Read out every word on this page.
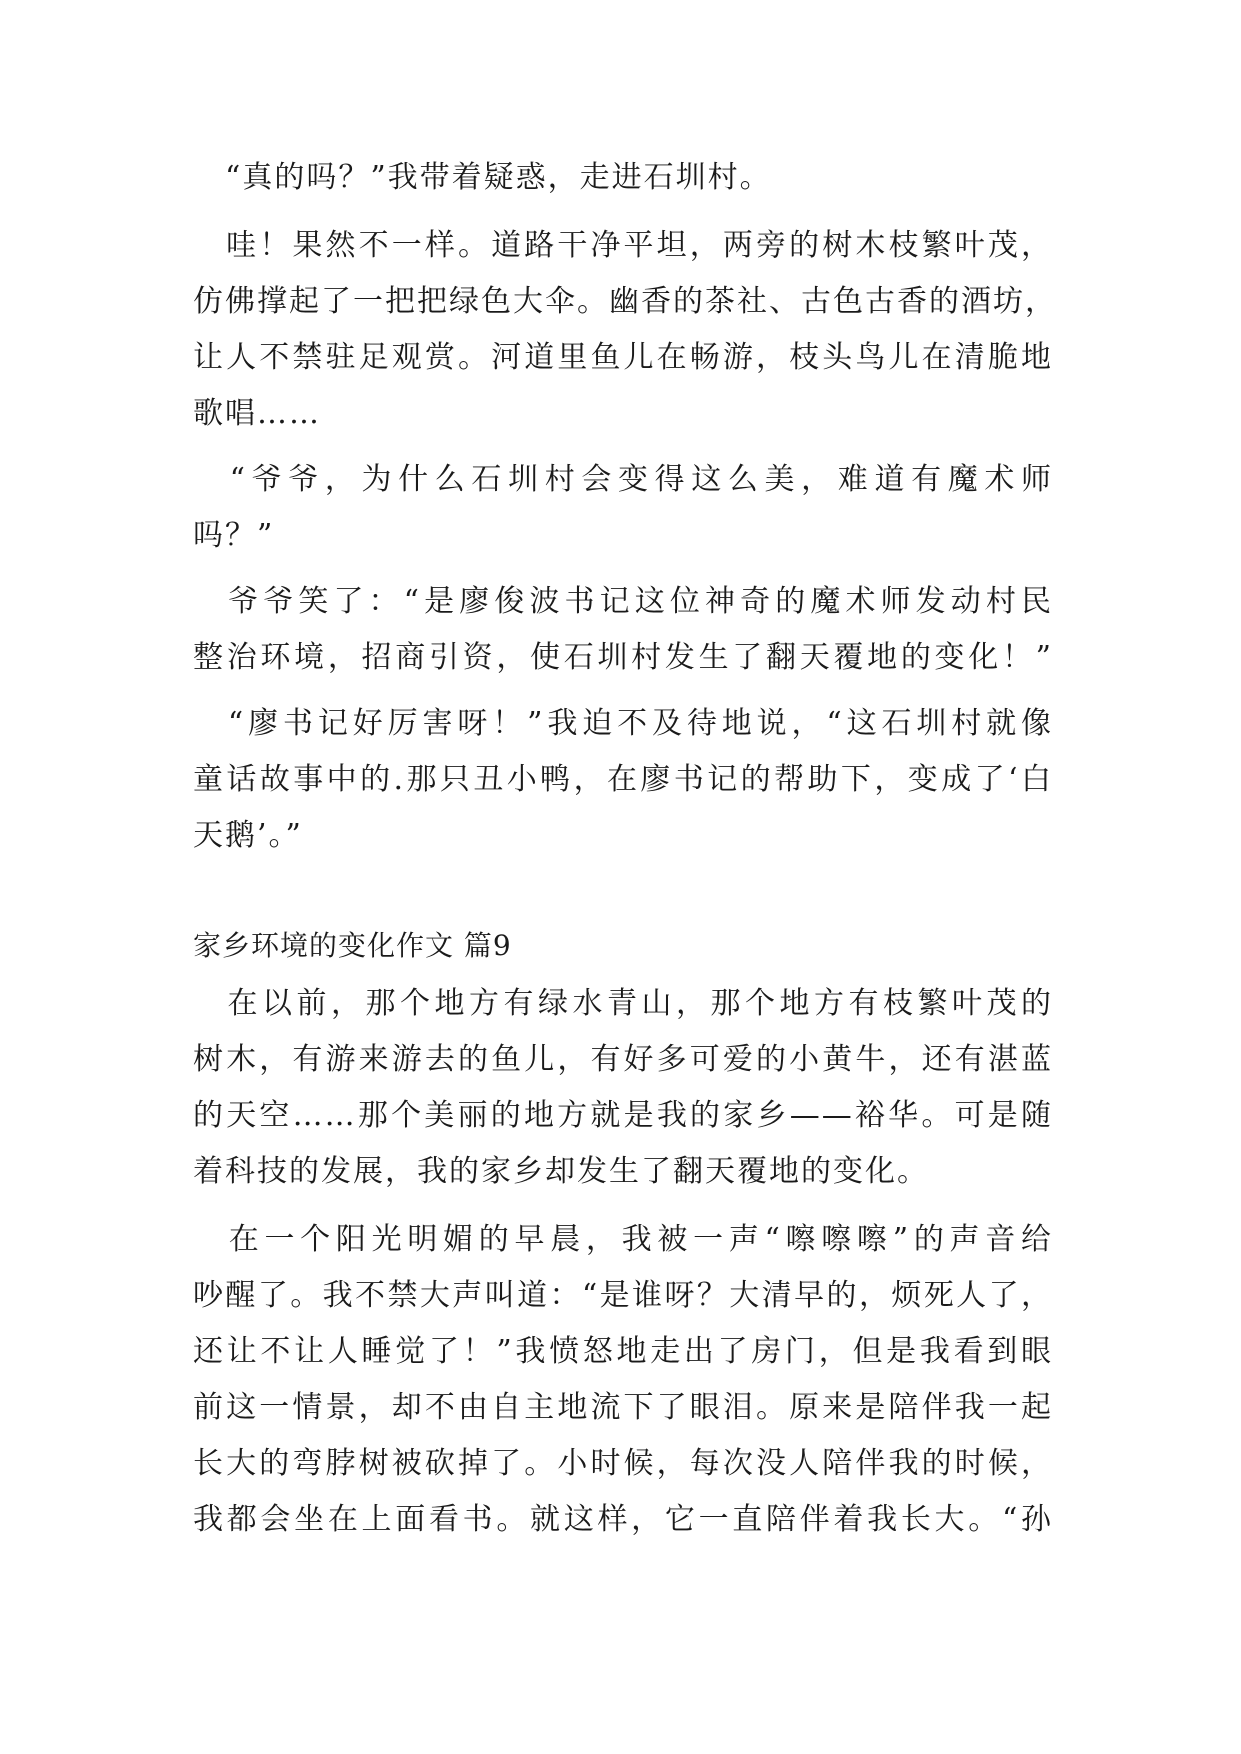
　“真的吗？”我带着疑惑，走进石圳村。
　哇！果然不一样。道路干净平坦，两旁的树木枝繁叶茂，
仿佛撑起了一把把绿色大伞。幽香的茶社、古色古香的酒坊，
让人不禁驻足观赏。河道里鱼儿在畅游，枝头鸟儿在清脆地
歌唱……
　“爷爷，为什么石圳村会变得这么美，难道有魔术师
吗？”
　爷爷笑了：“是廖俊波书记这位神奇的魔术师发动村民
整治环境，招商引资，使石圳村发生了翻天覆地的变化！”
　“廖书记好厉害呀！”我迫不及待地说，“这石圳村就像
童话故事中的.那只丑小鸭，在廖书记的帮助下，变成了‘白
天鹅’。”
家乡环境的变化作文 篇9
　在以前，那个地方有绿水青山，那个地方有枝繁叶茂的
树木，有游来游去的鱼儿，有好多可爱的小黄牛，还有湛蓝
的天空……那个美丽的地方就是我的家乡——裕华。可是随
着科技的发展，我的家乡却发生了翻天覆地的变化。
　在一个阳光明媚的早晨，我被一声“嚓嚓嚓”的声音给
吵醒了。我不禁大声叫道：“是谁呀？大清早的，烦死人了，
还让不让人睡觉了！”我愤怒地走出了房门，但是我看到眼
前这一情景，却不由自主地流下了眼泪。原来是陪伴我一起
长大的弯脖树被砍掉了。小时候，每次没人陪伴我的时候，
我都会坐在上面看书。就这样，它一直陪伴着我长大。“孙
